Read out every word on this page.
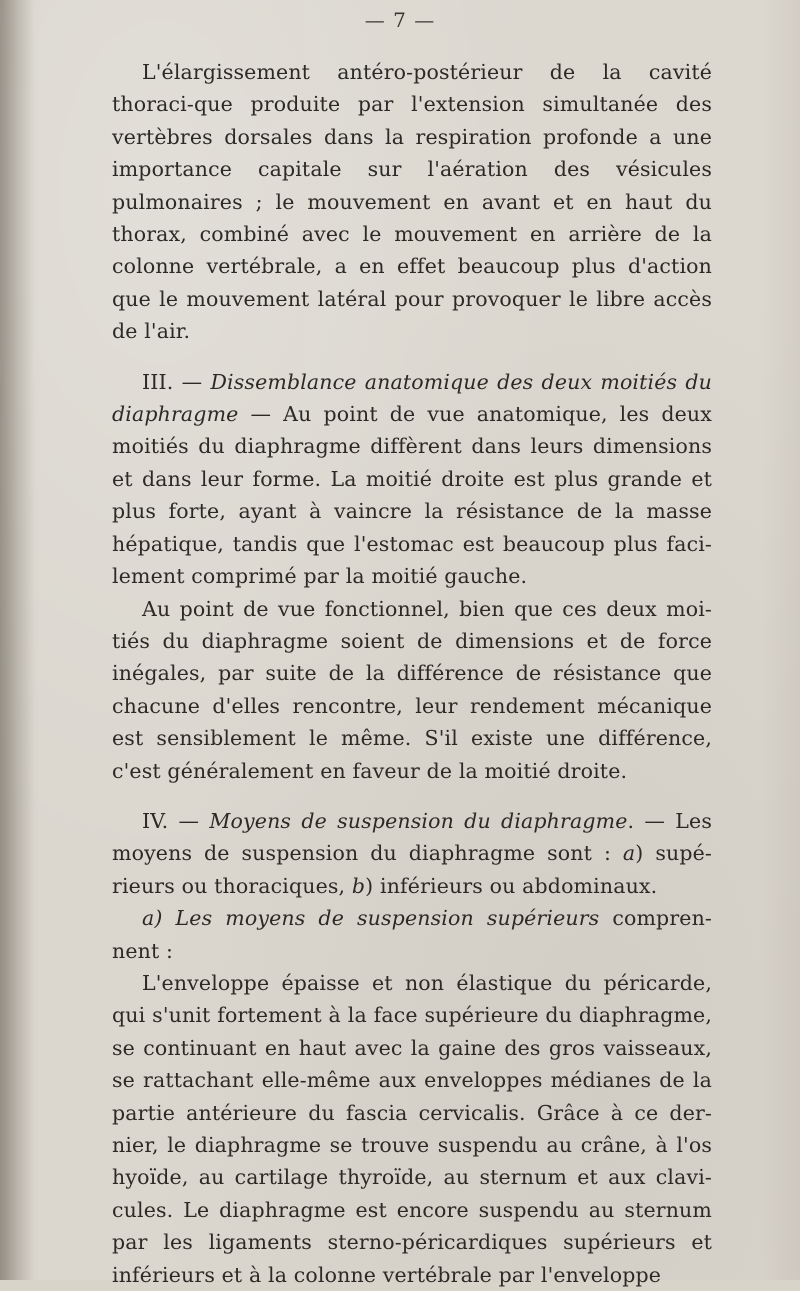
— 7 —

L'élargissement antéro-postérieur de la cavité thoraci-que produite par l'extension simultanée des vertèbres dorsales dans la respiration profonde a une importance capitale sur l'aération des vésicules pulmonaires ; le mouvement en avant et en haut du thorax, combiné avec le mouvement en arrière de la colonne vertébrale, a en effet beaucoup plus d'action que le mouvement latéral pour provoquer le libre accès de l'air.

III. — Dissemblance anatomique des deux moitiés du diaphragme — Au point de vue anatomique, les deux moitiés du diaphragme diffèrent dans leurs dimensions et dans leur forme. La moitié droite est plus grande et plus forte, ayant à vaincre la résistance de la masse hépatique, tandis que l'estomac est beaucoup plus faci-lement comprimé par la moitié gauche.

Au point de vue fonctionnel, bien que ces deux moi-tiés du diaphragme soient de dimensions et de force inégales, par suite de la différence de résistance que chacune d'elles rencontre, leur rendement mécanique est sensiblement le même. S'il existe une différence, c'est généralement en faveur de la moitié droite.

IV. — Moyens de suspension du diaphragme. — Les moyens de suspension du diaphragme sont : a) supé-rieurs ou thoraciques, b) inférieurs ou abdominaux.

a) Les moyens de suspension supérieurs compren-nent :

L'enveloppe épaisse et non élastique du péricarde, qui s'unit fortement à la face supérieure du diaphragme, se continuant en haut avec la gaine des gros vaisseaux, se rattachant elle-même aux enveloppes médianes de la partie antérieure du fascia cervicalis. Grâce à ce der-nier, le diaphragme se trouve suspendu au crâne, à l'os hyoïde, au cartilage thyroïde, au sternum et aux clavi-cules. Le diaphragme est encore suspendu au sternum par les ligaments sterno-péricardiques supérieurs et inférieurs et à la colonne vertébrale par l'enveloppe
